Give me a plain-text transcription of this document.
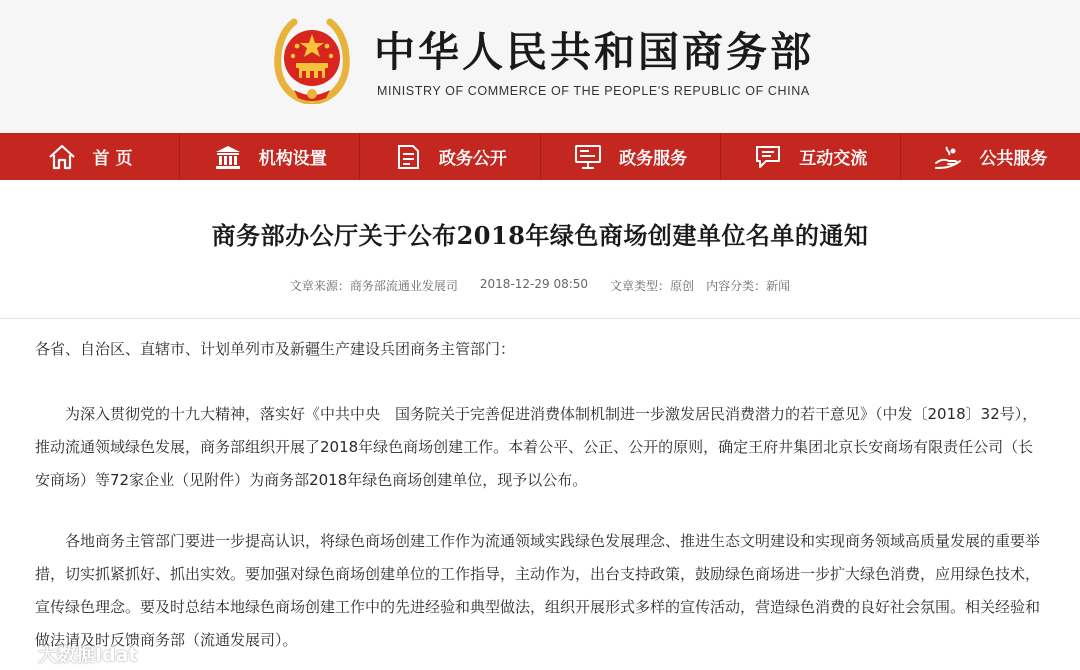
中华人民共和国商务部
MINISTRY OF COMMERCE OF THE PEOPLE'S REPUBLIC OF CHINA
首 页	机构设置	政务公开	政务服务	互动交流	公共服务
商务部办公厅关于公布2018年绿色商场创建单位名单的通知
文章来源： 商务部流通业发展司 2018-12-29 08:50 文章类型： 原创 内容分类： 新闻

各省、自治区、直辖市、计划单列市及新疆生产建设兵团商务主管部门：

为深入贯彻党的十九大精神，落实好《中共中央　国务院关于完善促进消费体制机制进一步激发居民消费潜力的若干意见》（中发〔2018〕32号），推动流通领域绿色发展，商务部组织开展了2018年绿色商场创建工作。本着公平、公正、公开的原则，确定王府井集团北京长安商场有限责任公司（长安商场）等72家企业（见附件）为商务部2018年绿色商场创建单位，现予以公布。

各地商务主管部门要进一步提高认识，将绿色商场创建工作作为流通领域实践绿色发展理念、推进生态文明建设和实现商务领域高质量发展的重要举措，切实抓紧抓好、抓出实效。要加强对绿色商场创建单位的工作指导，主动作为，出台支持政策，鼓励绿色商场进一步扩大绿色消费，应用绿色技术，宣传绿色理念。要及时总结本地绿色商场创建工作中的先进经验和典型做法，组织开展形式多样的宣传活动，营造绿色消费的良好社会氛围。相关经验和做法请及时反馈商务部（流通发展司）。

大数据Idat
